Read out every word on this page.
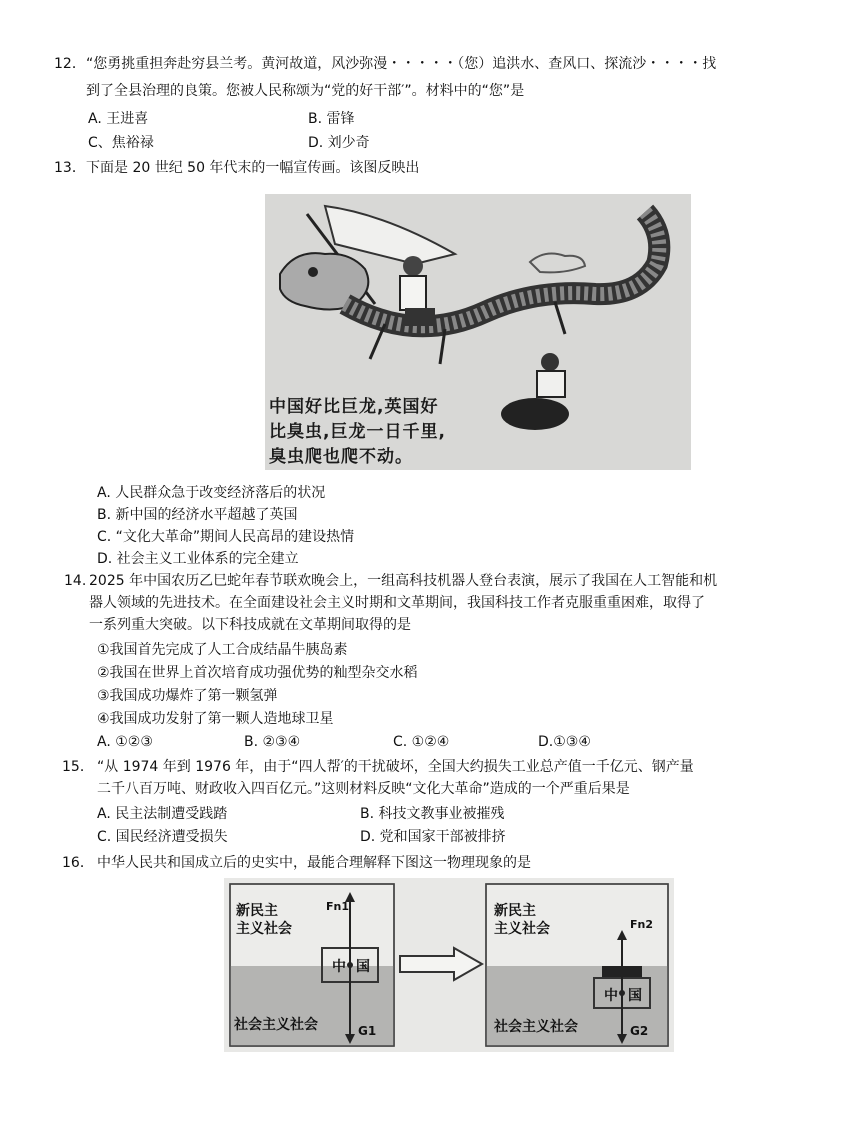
12． “您勇挑重担奔赴穷县兰考。黄河故道，风沙弥漫・・・・・（您）追洪水、查风口、探流沙・・・・找
到了全县治理的良策。您被人民称颂为“党的好干部′”。材料中的“您”是
A. 王进喜	B. 雷锋
C、焦裕禄	D. 刘少奇
13． 下面是 20 世纪 50 年代末的一幅宣传画。该图反映出
中国好比巨龙,英国好
比臭虫,巨龙一日千里,
臭虫爬也爬不动。
A. 人民群众急于改变经济落后的状况
B. 新中国的经济水平超越了英国
C. “文化大革命”期间人民高昂的建设热情
D. 社会主义工业体系的完全建立
14. 2025 年中国农历乙巳蛇年春节联欢晚会上，一组高科技机器人登台表演，展示了我国在人工智能和机
器人领域的先进技术。在全面建设社会主义时期和文革期间，我国科技工作者克服重重困难，取得了
一系列重大突破。以下科技成就在文革期间取得的是
①我国首先完成了人工合成结晶牛胰岛素
②我国在世界上首次培育成功强优势的籼型杂交水稻
③我国成功爆炸了第一颗氢弹
④我国成功发射了第一颗人造地球卫星
A. ①②③	B. ②③④	C. ①②④	D.①③④
15． “从 1974 年到 1976 年，由于“四人帮′的干扰破坏，全国大约损失工业总产值一千亿元、钢产量
二千八百万吨、财政收入四百亿元。”这则材料反映“文化大革命”造成的一个严重后果是
A. 民主法制遭受践踏	B. 科技文教事业被摧残
C. 国民经济遭受损失	D. 党和国家干部被排挤
16． 中华人民共和国成立后的史实中，最能合理解释下图这一物理现象的是
新民主
主义社会
Fn1
中 国
社会主义社会	G1
新民主
主义社会	Fn2
中 国
社会主义社会	G2
